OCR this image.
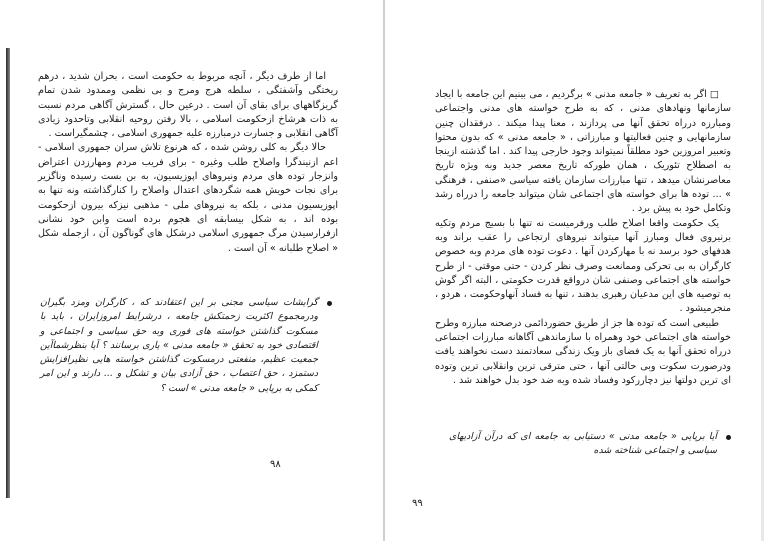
اما از طرف دیگر ، آنچه مربوط به حکومت است ، بحران شدید ، درهم ریختگی وآشفتگی ، سلطه هرج ومرج و بی نظمی وممدود شدن تمام گریزگاههای برای بقای آن است . درعین حال ، گسترش آگاهی مردم نسبت به ذات هرشاخ ازحکومت اسلامی ، بالا رفتن روحیه انقلابی وتاحدود زیادی آگاهی انقلابی و جسارت درمبارزه علیه جمهوری اسلامی ، چشمگیراست .

حالا دیگر به کلی روشن شده ، که هرنوع تلاش سران جمهوری اسلامی - اعم ازنیندگرا واصلاح طلب وغیره - برای فریب مردم ومهارزدن اعتراض وانزجار توده های مردم ونیروهای اپوزیسیون، به بن بست رسیده وناگزیر برای نجات خویش همه شگردهای اعتدال واصلاح را کنارگذاشته ونه تنها به اپوزیسیون مدنی ، بلکه به نیروهای ملی - مذهبی نیزکه بیرون ازحکومت بوده اند ، به شکل بیسابقه ای هجوم برده است وابن خود نشانی ازفرارسیدن مرگ جمهوری اسلامی درشکل های گوناگون آن ، ازجمله شکل « اصلاح طلبانه » آن است .

گرایشات سیاسی مجنی بر این اعتقادند که ، کارگران ومزد بگیران ودرمجموع اکثریت زحمتکش جامعه ، درشرایط امروزایران ، باید با مسکوت گذاشتن خواسته های فوری وبه حق سیاسی و اجتماعی و اقتصادی خود به تحقق « جامعه مدنی » یاری برسانند ؟ آیا بنظرشماآین جمعیت عظیم، منفعتی درمسکوت گذاشتن خواسته هایی نظیرافزایش دستمزد ، حق اعتصاب ، حق آزادی بیان و تشکل و ... دارند و این امر کمکی به برپایی « جامعه مدنی » است ؟
۹۸

□ اگر به تعریف « جامعه مدنی » برگردیم ، می بینیم این جامعه با ایجاد سازمانها ونهادهای مدنی ، که به طرح خواسته های مدنی واجتماعی ومبارزه درراه تحقق آنها می پردازند ، معنا پیدا میکند . درفقدان چنین سازمانهایی و چنین فعالیتها و مبارزاتی ، « جامعه مدنی » که بدون محتوا وتعبیر امروزین خود مطلقاً نمیتواند وجود خارجی پیدا کند . اما گذشته ازینجا به اصطلاح تئوریک ، همان طورکه تاریخ معصر جدید وبه ویژه تاریخ معاصرنشان میدهد ، تنها مبارزات سازمان یافته سیاسی «صنفی ، فرهنگی » ... توده ها برای خواسته های اجتماعی شان میتواند جامعه را درراه رشد وتکامل خود به پیش برد .

یک حکومت واقعا اصلاح طلب ورفرمیست نه تنها با بسیج مردم وتکیه برنیروی فعال ومبارز آنها میتواند نیروهای ارتجاعی را عقب براند وبه هدفهای خود برسد نه با مهارکردن آنها . دعوت توده های مردم وبه خصوص کارگران به بی تحرکی وممانعت وصرف نظر کردن - حتی موقتی - از طرح خواسته های اجتماعی وصنفی شان درواقع قدرت حکومتی ، البته اگر گوش به توصیه های این مدعیان رهبری بدهند ، تنها به فساد آنهاوحکومت ، هردو ، منجرمیشود .

طبیعی است که توده ها جز از طریق حضوردائمی درصحنه مبارزه وطرح خواسته های اجتماعی خود وهمراه با سازماندهی آگاهانه مبارزات اجتماعی درراه تحقق آنها به یک فضای باز ویک زندگی سعادتمند دست نخواهند یافت ودرصورت سکوت وبی حالتی آنها ، حتی مترقی ترین وانقلابی ترین وتوده ای ترین دولتها نیز دچاررکود وفساد شده وبه ضد خود بدل خواهند شد .

آیا برپایی « جامعه مدنی » دستیابی به جامعه ای که درآن آزادیهای سیاسی و اجتماعی شناخته شده
۹۹
